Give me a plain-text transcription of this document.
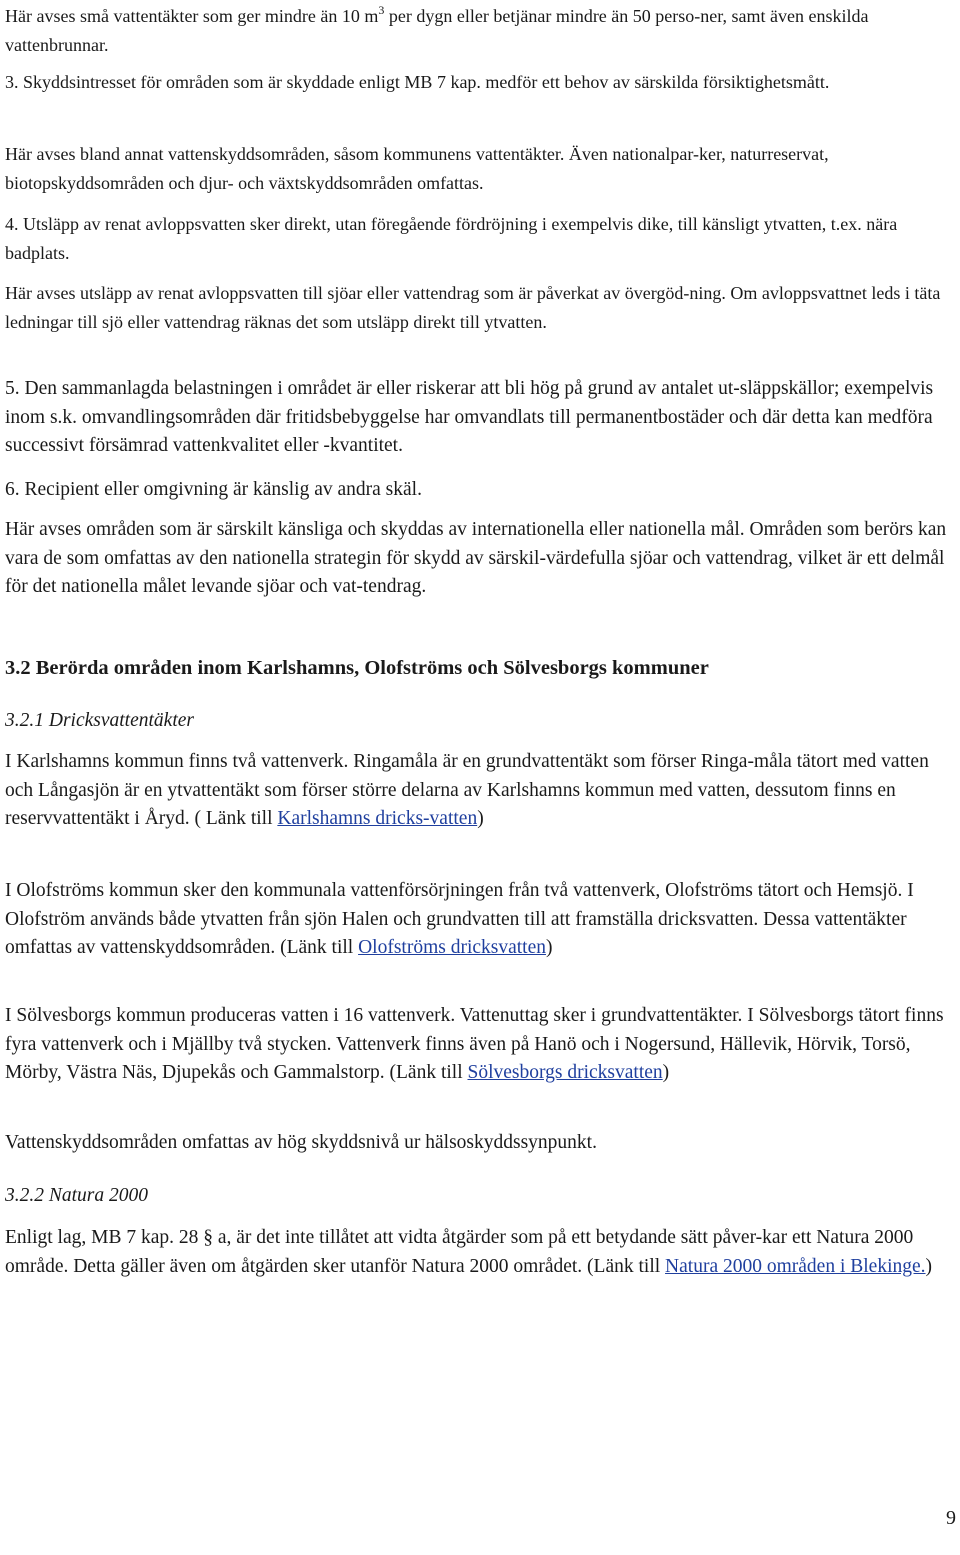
Här avses små vattentäkter som ger mindre än 10 $m^3$ per dygn eller betjänar mindre än 50 perso-ner, samt även enskilda vattenbrunnar.

3. Skyddsintresset för områden som är skyddade enligt MB 7 kap. medför ett behov av särskilda försiktighetsmått.

Här avses bland annat vattenskyddsområden, såsom kommunens vattentäkter. Även nationalpar-ker, naturreservat, biotopskyddsområden och djur- och växtskyddsområden omfattas.

4. Utsläpp av renat avloppsvatten sker direkt, utan föregående fördröjning i exempelvis dike, till känsligt ytvatten, t.ex. nära badplats.

Här avses utsläpp av renat avloppsvatten till sjöar eller vattendrag som är påverkat av övergöd-ning. Om avloppsvattnet leds i täta ledningar till sjö eller vattendrag räknas det som utsläpp direkt till ytvatten.

5. Den sammanlagda belastningen i området är eller riskerar att bli hög på grund av antalet ut-släppskällor; exempelvis inom s.k. omvandlingsområden där fritidsbebyggelse har omvandlats till permanentbostäder och där detta kan medföra successivt försämrad vattenkvalitet eller -kvantitet.

6. Recipient eller omgivning är känslig av andra skäl.

Här avses områden som är särskilt känsliga och skyddas av internationella eller nationella mål. Områden som berörs kan vara de som omfattas av den nationella strategin för skydd av särskil-värdefulla sjöar och vattendrag, vilket är ett delmål för det nationella målet levande sjöar och vat-tendrag.

3.2 Berörda områden inom Karlshamns, Olofströms och Sölvesborgs kommuner

3.2.1 Dricksvattentäkter

I Karlshamns kommun finns två vattenverk. Ringamåla är en grundvattentäkt som förser Ringa-måla tätort med vatten och Långasjön är en ytvattentäkt som förser större delarna av Karlshamns kommun med vatten, dessutom finns en reservvattentäkt i Åryd. ( Länk till Karlshamns dricks-vatten)

I Olofströms kommun sker den kommunala vattenförsörjningen från två vattenverk, Olofströms tätort och Hemsjö. I Olofström används både ytvatten från sjön Halen och grundvatten till att framställa dricksvatten. Dessa vattentäkter omfattas av vattenskyddsområden. (Länk till Olofströms dricksvatten)

I Sölvesborgs kommun produceras vatten i 16 vattenverk. Vattenuttag sker i grundvattentäkter. I Sölvesborgs tätort finns fyra vattenverk och i Mjällby två stycken. Vattenverk finns även på Hanö och i Nogersund, Hällevik, Hörvik, Torsö, Mörby, Västra Näs, Djupekås och Gammalstorp. (Länk till Sölvesborgs dricksvatten)

Vattenskyddsområden omfattas av hög skyddsnivå ur hälsoskyddssynpunkt.

3.2.2 Natura 2000

Enligt lag, MB 7 kap. 28 § a, är det inte tillåtet att vidta åtgärder som på ett betydande sätt påver-kar ett Natura 2000 område. Detta gäller även om åtgärden sker utanför Natura 2000 området. (Länk till Natura 2000 områden i Blekinge.)

9
